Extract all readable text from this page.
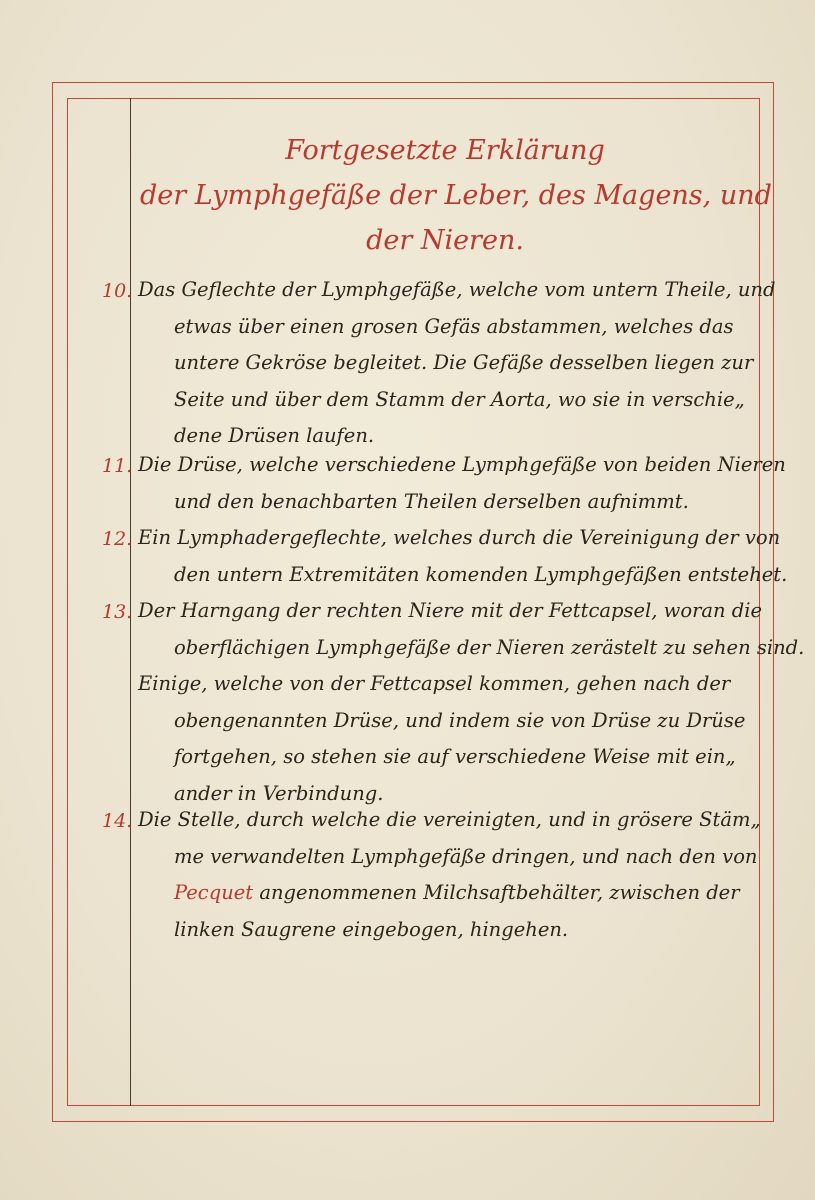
Fortgesetzte Erklärung
der Lymphgefäße der Leber, des Magens, und
der Nieren.
10. Das Geflechte der Lymphgefäße, welche vom untern Theile, und
etwas über einen grosen Gefäs abstammen, welches das
untere Gekröse begleitet. Die Gefäße desselben liegen zur
Seite und über dem Stamm der Aorta, wo sie in verschie„
dene Drüsen laufen.
11. Die Drüse, welche verschiedene Lymphgefäße von beiden Nieren
und den benachbarten Theilen derselben aufnimmt.
12. Ein Lymphadergeflechte, welches durch die Vereinigung der von
den untern Extremitäten komenden Lymphgefäßen entstehet.
13. Der Harngang der rechten Niere mit der Fettcapsel, woran die
oberflächigen Lymphgefäße der Nieren zerästelt zu sehen sind.
Einige, welche von der Fettcapsel kommen, gehen nach der
obengenannten Drüse, und indem sie von Drüse zu Drüse
fortgehen, so stehen sie auf verschiedene Weise mit ein„
ander in Verbindung.
14. Die Stelle, durch welche die vereinigten, und in grösere Stäm„
me verwandelten Lymphgefäße dringen, und nach den von
Pecquet angenommenen Milchsaftbehälter, zwischen der
linken Saugrene eingebogen, hingehen.
